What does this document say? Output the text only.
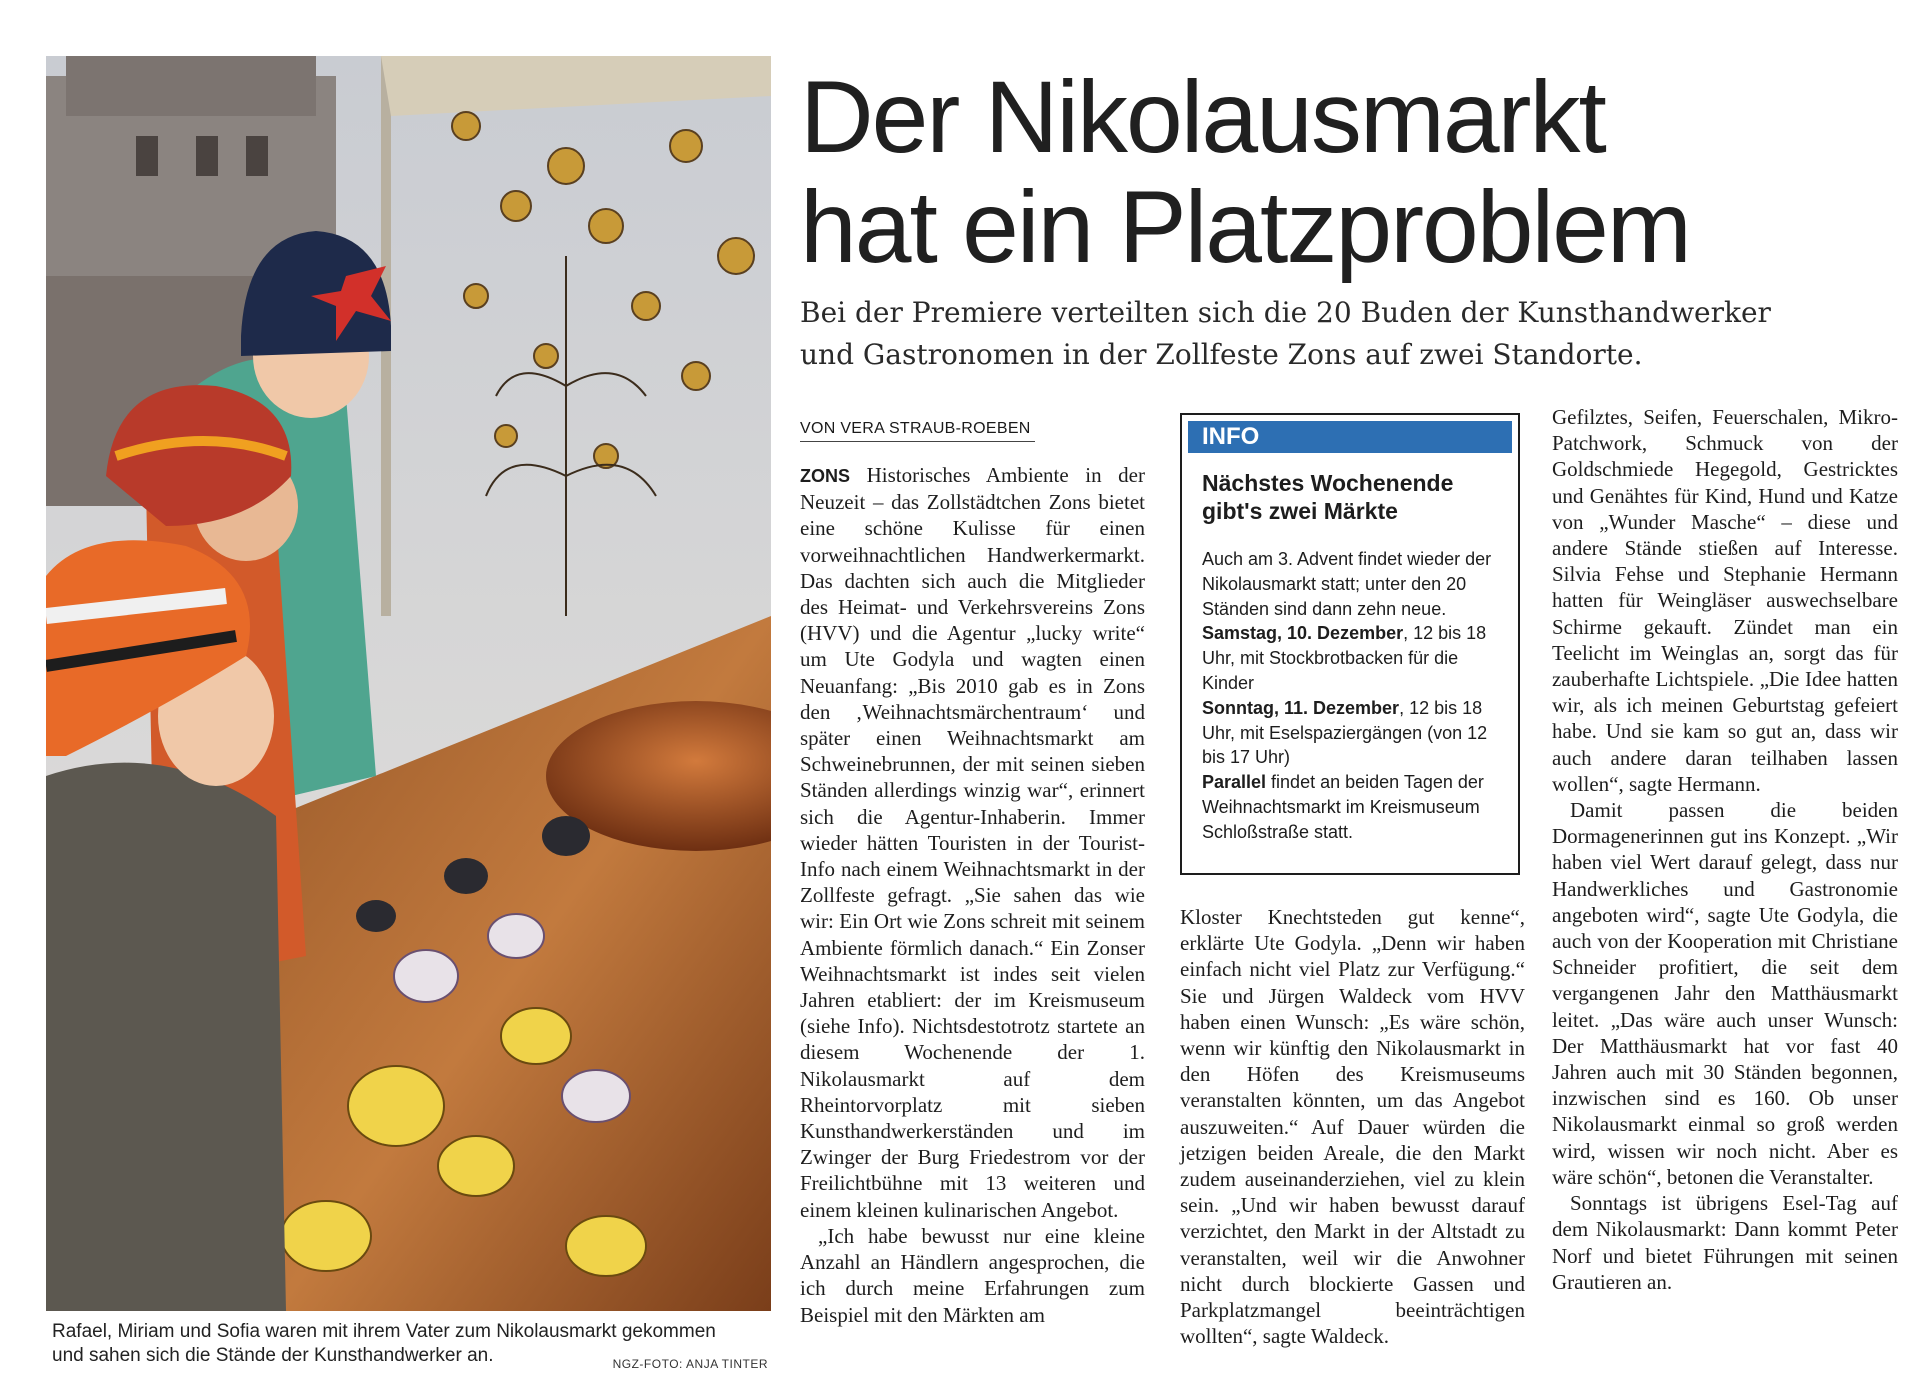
Rafael, Miriam und Sofia waren mit ihrem Vater zum Nikolausmarkt gekommen
und sahen sich die Stände der Kunsthandwerker an.	NGZ-FOTO: ANJA TINTER
Der Nikolausmarkt
hat ein Platzproblem
Bei der Premiere verteilten sich die 20 Buden der Kunsthandwerker
und Gastronomen in der Zollfeste Zons auf zwei Standorte.
VON VERA STRAUB-ROEBEN

ZONS Historisches Ambiente in der Neuzeit – das Zollstädtchen Zons bietet eine schöne Kulisse für einen vorweihnachtlichen Handwerkermarkt. Das dachten sich auch die Mitglieder des Heimat- und Verkehrsvereins Zons (HVV) und die Agentur „lucky write“ um Ute Godyla und wagten einen Neuanfang: „Bis 2010 gab es in Zons den ‚Weihnachtsmärchentraum‘ und später einen Weihnachtsmarkt am Schweinebrunnen, der mit seinen sieben Ständen allerdings winzig war“, erinnert sich die Agentur-Inhaberin. Immer wieder hätten Touristen in der Tourist-Info nach einem Weihnachtsmarkt in der Zollfeste gefragt. „Sie sahen das wie wir: Ein Ort wie Zons schreit mit seinem Ambiente förmlich danach.“ Ein Zonser Weihnachtsmarkt ist indes seit vielen Jahren etabliert: der im Kreismuseum (siehe Info). Nichtsdestotrotz startete an diesem Wochenende der 1. Nikolausmarkt auf dem Rheintorvorplatz mit sieben Kunsthandwerkerständen und im Zwinger der Burg Friedestrom vor der Freilichtbühne mit 13 weiteren und einem kleinen kulinarischen Angebot.

„Ich habe bewusst nur eine kleine Anzahl an Händlern angesprochen, die ich durch meine Erfahrungen zum Beispiel mit den Märkten am

INFO
Nächstes Wochenende
gibt's zwei Märkte

Auch am 3. Advent findet wieder der Nikolausmarkt statt; unter den 20 Ständen sind dann zehn neue.

Samstag, 10. Dezember, 12 bis 18 Uhr, mit Stockbrotbacken für die Kinder

Sonntag, 11. Dezember, 12 bis 18 Uhr, mit Eselspaziergängen (von 12 bis 17 Uhr)

Parallel findet an beiden Tagen der Weihnachtsmarkt im Kreismuseum Schloßstraße statt.

Kloster Knechtsteden gut kenne“, erklärte Ute Godyla. „Denn wir haben einfach nicht viel Platz zur Verfügung.“ Sie und Jürgen Waldeck vom HVV haben einen Wunsch: „Es wäre schön, wenn wir künftig den Nikolausmarkt in den Höfen des Kreismuseums veranstalten könnten, um das Angebot auszuweiten.“ Auf Dauer würden die jetzigen beiden Areale, die den Markt zudem auseinanderziehen, viel zu klein sein. „Und wir haben bewusst darauf verzichtet, den Markt in der Altstadt zu veranstalten, weil wir die Anwohner nicht durch blockierte Gassen und Parkplatzmangel beeinträchtigen wollten“, sagte Waldeck.

Gefilztes, Seifen, Feuerschalen, Mikro-Patchwork, Schmuck von der Goldschmiede Hegegold, Gestricktes und Genähtes für Kind, Hund und Katze von „Wunder Masche“ – diese und andere Stände stießen auf Interesse. Silvia Fehse und Stephanie Hermann hatten für Weingläser auswechselbare Schirme gekauft. Zündet man ein Teelicht im Weinglas an, sorgt das für zauberhafte Lichtspiele. „Die Idee hatten wir, als ich meinen Geburtstag gefeiert habe. Und sie kam so gut an, dass wir auch andere daran teilhaben lassen wollen“, sagte Hermann.

Damit passen die beiden Dormagenerinnen gut ins Konzept. „Wir haben viel Wert darauf gelegt, dass nur Handwerkliches und Gastronomie angeboten wird“, sagte Ute Godyla, die auch von der Kooperation mit Christiane Schneider profitiert, die seit dem vergangenen Jahr den Matthäusmarkt leitet. „Das wäre auch unser Wunsch: Der Matthäusmarkt hat vor fast 40 Jahren auch mit 30 Ständen begonnen, inzwischen sind es 160. Ob unser Nikolausmarkt einmal so groß werden wird, wissen wir noch nicht. Aber es wäre schön“, betonen die Veranstalter.

Sonntags ist übrigens Esel-Tag auf dem Nikolausmarkt: Dann kommt Peter Norf und bietet Führungen mit seinen Grautieren an.
